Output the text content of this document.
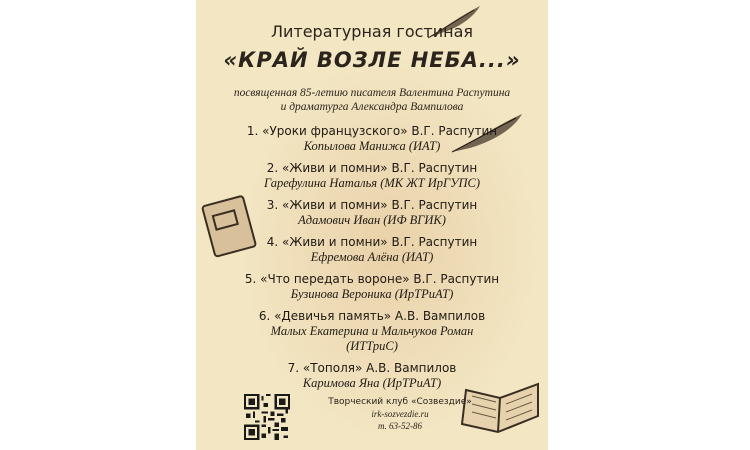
Литературная гостиная
«КРАЙ ВОЗЛЕ НЕБА...»
посвященная 85-летию писателя Валентина Распутина
и драматурга Александра Вампилова
1. «Уроки французского» В.Г. Распутин
Копылова Манижа (ИАТ)
2. «Живи и помни» В.Г. Распутин
Гарефулина Наталья (МК ЖТ ИрГУПС)
3. «Живи и помни» В.Г. Распутин
Адамович Иван (ИФ ВГИК)
4. «Живи и помни» В.Г. Распутин
Ефремова Алёна (ИАТ)
5. «Что передать вороне» В.Г. Распутин
Бузинова Вероника (ИрТРиАТ)
6. «Девичья память» А.В. Вампилов
Малых Екатерина и Мальчуков Роман
(ИТТриС)
7. «Тополя» А.В. Вампилов
Каримова Яна (ИрТРиАТ)
Творческий клуб «Созвездие»
irk-sozvezdie.ru
т. 63-52-86
